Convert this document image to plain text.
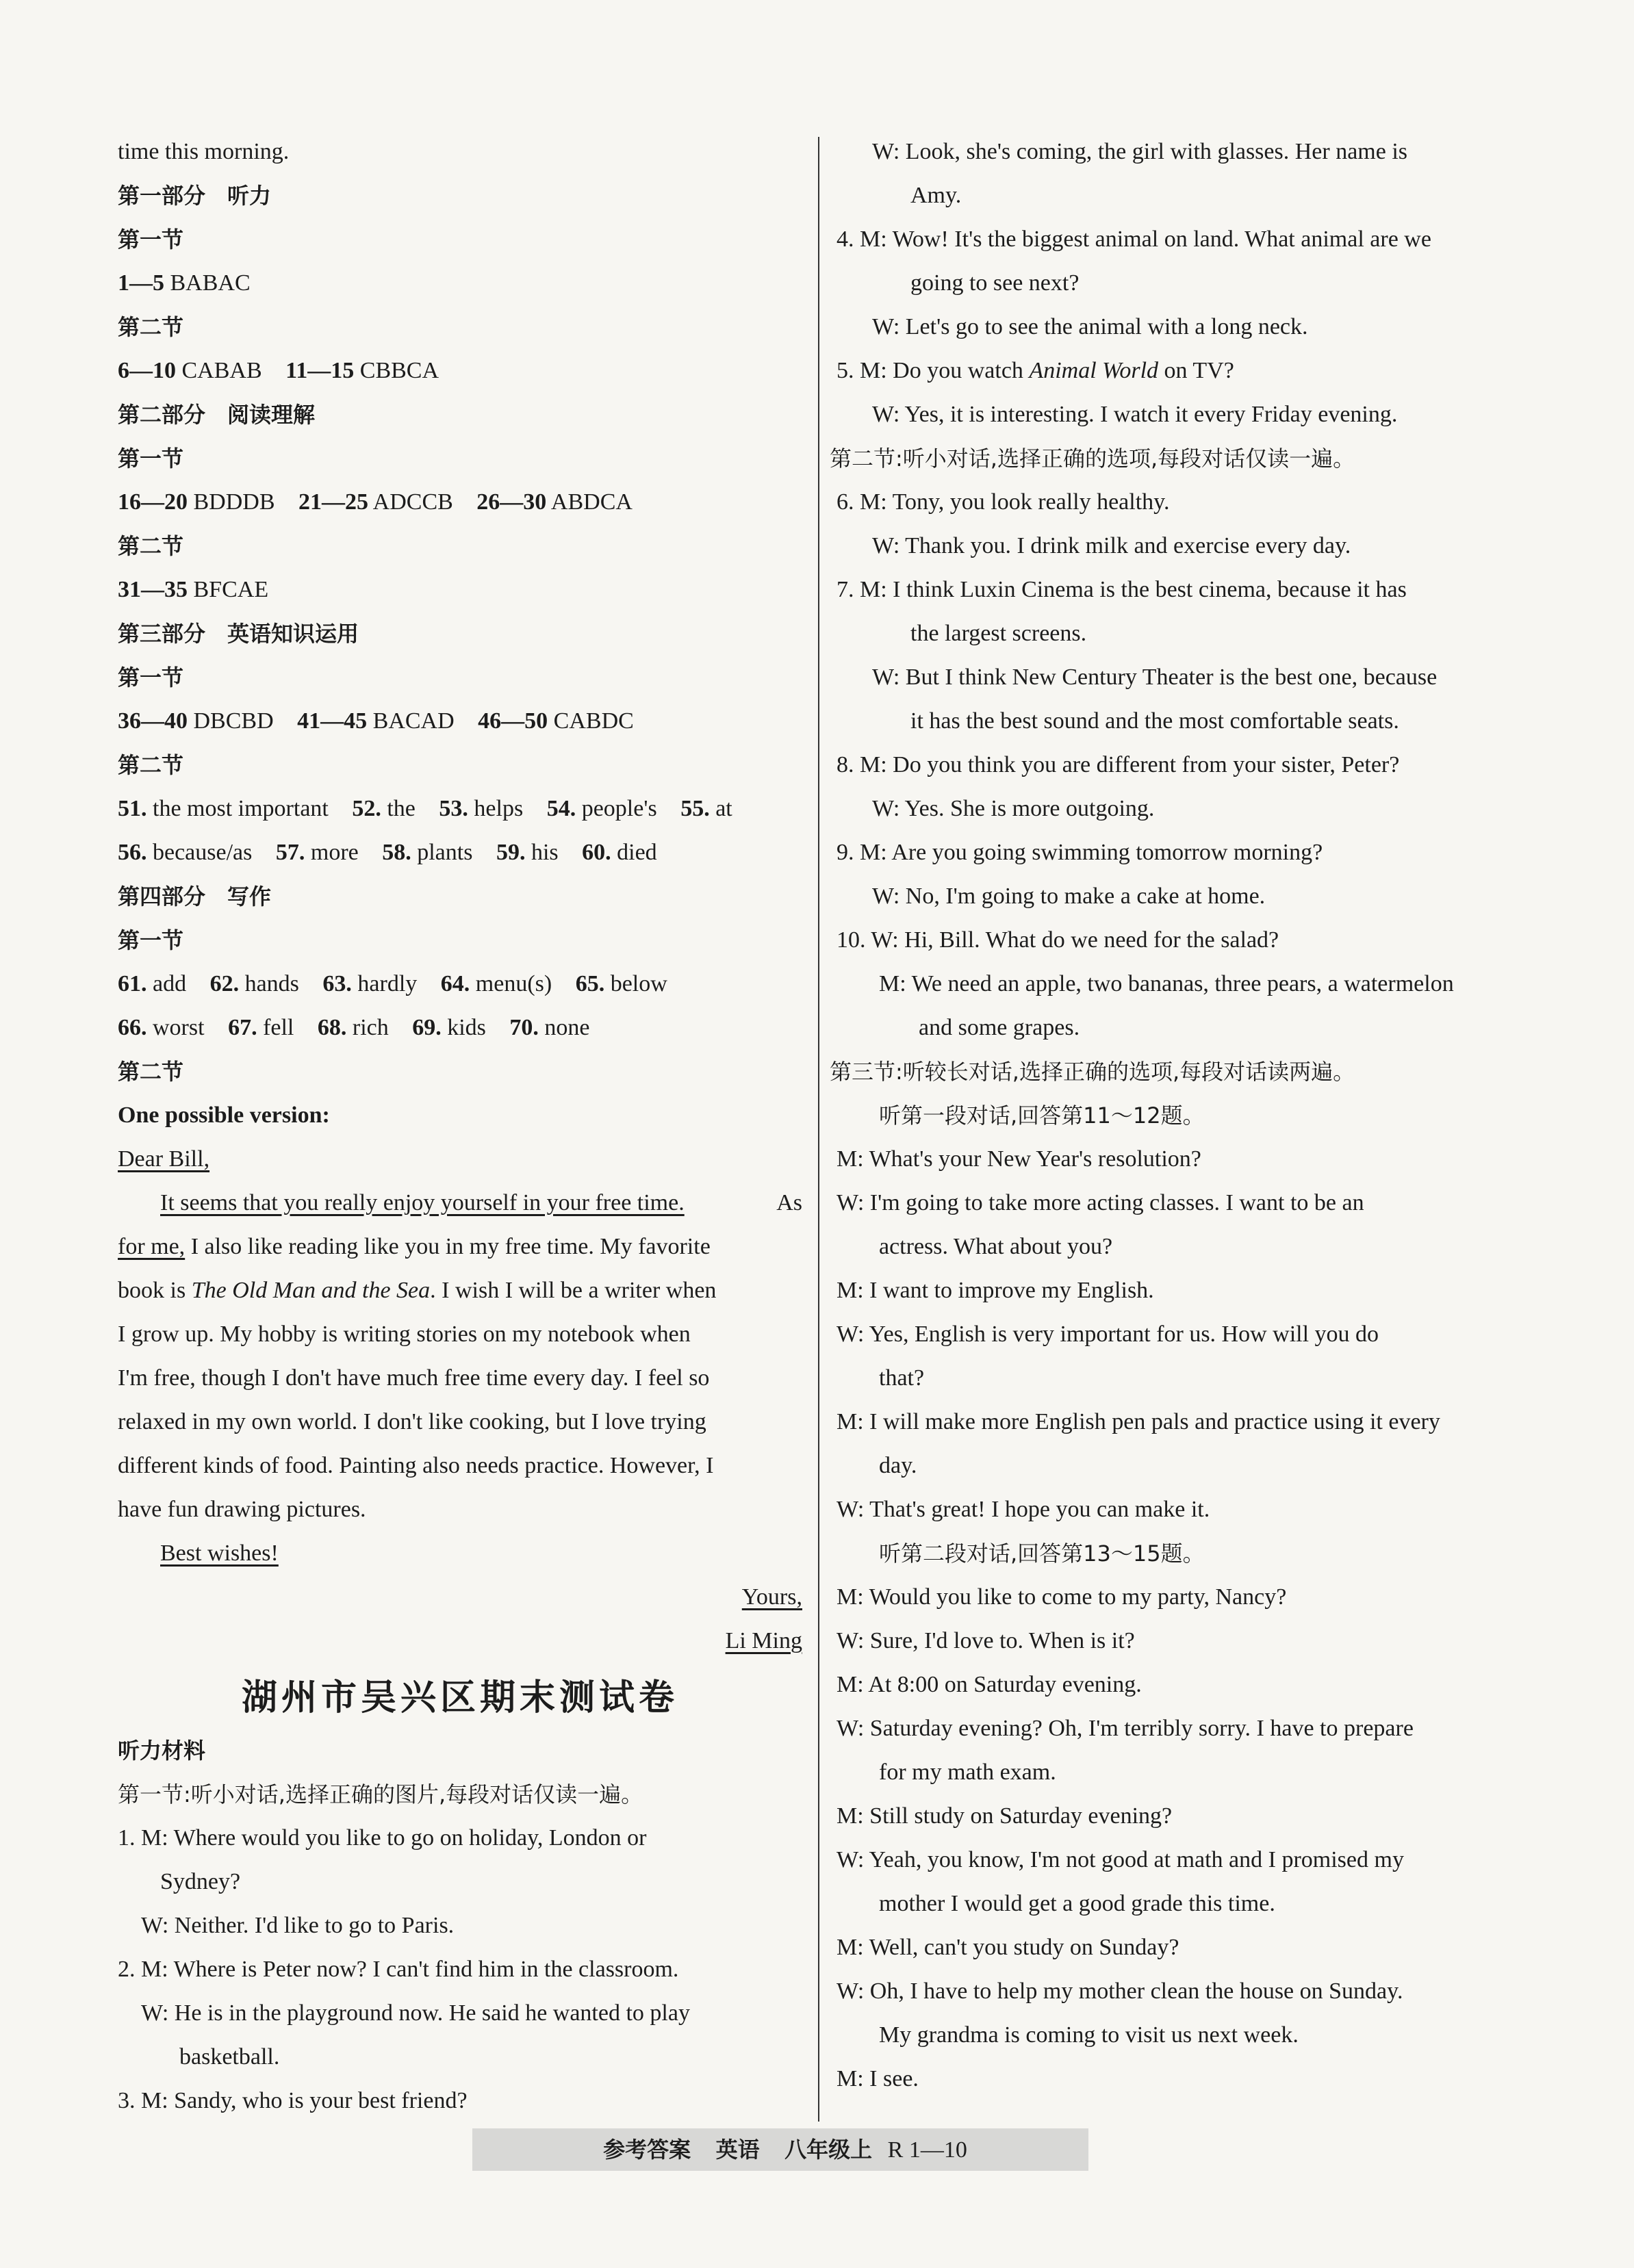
time this morning.
第一部分　听力
第一节
1—5 BABAC
第二节
6—10 CABAB 11—15 CBBCA
第二部分　阅读理解
第一节
16—20 BDDDB 21—25 ADCCB 26—30 ABDCA
第二节
31—35 BFCAE
第三部分　英语知识运用
第一节
36—40 DBCBD 41—45 BACAD 46—50 CABDC
第二节
51. the most important 52. the 53. helps 54. people's 55. at
56. because/as 57. more 58. plants 59. his 60. died
第四部分　写作
第一节
61. add 62. hands 63. hardly 64. menu(s) 65. below
66. worst 67. fell 68. rich 69. kids 70. none
第二节
One possible version:
Dear Bill,
It seems that you really enjoy yourself in your free time.	As
for me, I also like reading like you in my free time. My favorite
book is The Old Man and the Sea. I wish I will be a writer when
I grow up. My hobby is writing stories on my notebook when
I'm free, though I don't have much free time every day. I feel so
relaxed in my own world. I don't like cooking, but I love trying
different kinds of food. Painting also needs practice. However, I
have fun drawing pictures.
Best wishes!
Yours,
Li Ming
湖州市吴兴区期末测试卷
听力材料
第一节:听小对话,选择正确的图片,每段对话仅读一遍。
1. M: Where would you like to go on holiday, London or
Sydney?
W: Neither. I'd like to go to Paris.
2. M: Where is Peter now? I can't find him in the classroom.
W: He is in the playground now. He said he wanted to play
basketball.
3. M: Sandy, who is your best friend?
W: Look, she's coming, the girl with glasses. Her name is
Amy.
4. M: Wow! It's the biggest animal on land. What animal are we
going to see next?
W: Let's go to see the animal with a long neck.
5. M: Do you watch Animal World on TV?
W: Yes, it is interesting. I watch it every Friday evening.
第二节:听小对话,选择正确的选项,每段对话仅读一遍。
6. M: Tony, you look really healthy.
W: Thank you. I drink milk and exercise every day.
7. M: I think Luxin Cinema is the best cinema, because it has
the largest screens.
W: But I think New Century Theater is the best one, because
it has the best sound and the most comfortable seats.
8. M: Do you think you are different from your sister, Peter?
W: Yes. She is more outgoing.
9. M: Are you going swimming tomorrow morning?
W: No, I'm going to make a cake at home.
10. W: Hi, Bill. What do we need for the salad?
M: We need an apple, two bananas, three pears, a watermelon
and some grapes.
第三节:听较长对话,选择正确的选项,每段对话读两遍。
听第一段对话,回答第11～12题。
M: What's your New Year's resolution?
W: I'm going to take more acting classes. I want to be an
actress. What about you?
M: I want to improve my English.
W: Yes, English is very important for us. How will you do
that?
M: I will make more English pen pals and practice using it every
day.
W: That's great! I hope you can make it.
听第二段对话,回答第13～15题。
M: Would you like to come to my party, Nancy?
W: Sure, I'd love to. When is it?
M: At 8:00 on Saturday evening.
W: Saturday evening? Oh, I'm terribly sorry. I have to prepare
for my math exam.
M: Still study on Saturday evening?
W: Yeah, you know, I'm not good at math and I promised my
mother I would get a good grade this time.
M: Well, can't you study on Sunday?
W: Oh, I have to help my mother clean the house on Sunday.
My grandma is coming to visit us next week.
M: I see.
参考答案 英语 八年级上 R 1—10
